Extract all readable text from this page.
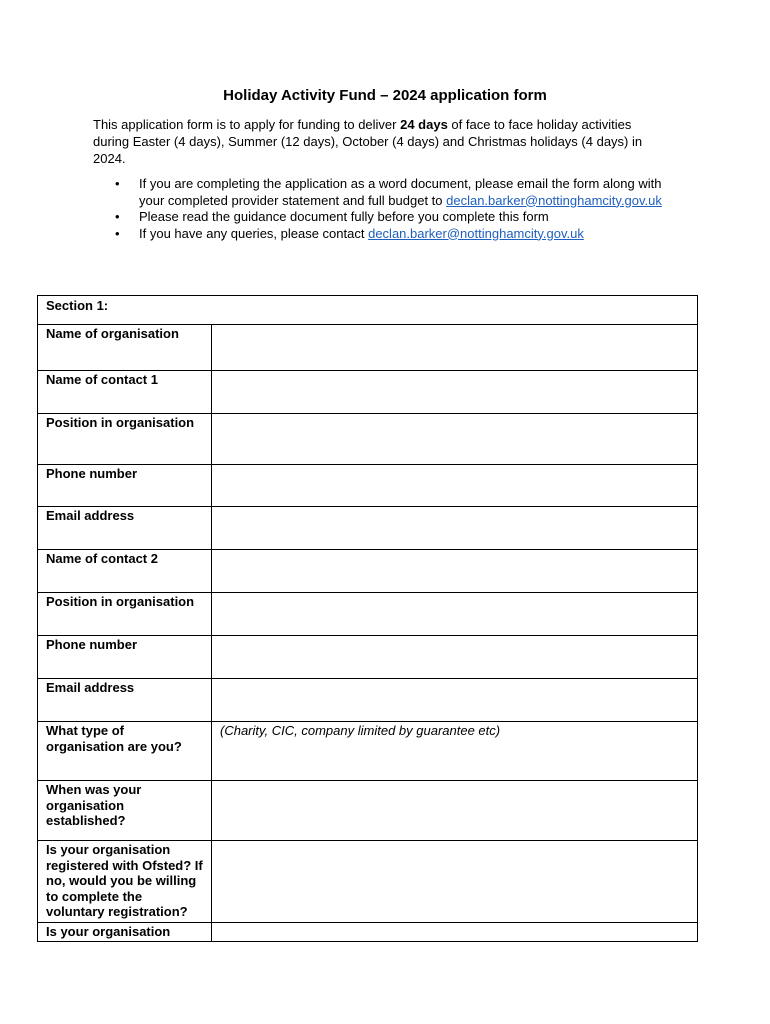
Holiday Activity Fund – 2024 application form
This application form is to apply for funding to deliver 24 days of face to face holiday activities during Easter (4 days), Summer (12 days), October (4 days) and Christmas holidays (4 days) in 2024.
• If you are completing the application as a word document, please email the form along with your completed provider statement and full budget to declan.barker@nottinghamcity.gov.uk
• Please read the guidance document fully before you complete this form
• If you have any queries, please contact declan.barker@nottinghamcity.gov.uk
Section 1:	
Name of organisation	
Name of contact 1	
Position in organisation	
Phone number	
Email address	
Name of contact 2	
Position in organisation	
Phone number	
Email address	
What type of organisation are you?	(Charity, CIC, company limited by guarantee etc)
When was your organisation established?	
Is your organisation registered with Ofsted? If no, would you be willing to complete the voluntary registration?	
Is your organisation	
